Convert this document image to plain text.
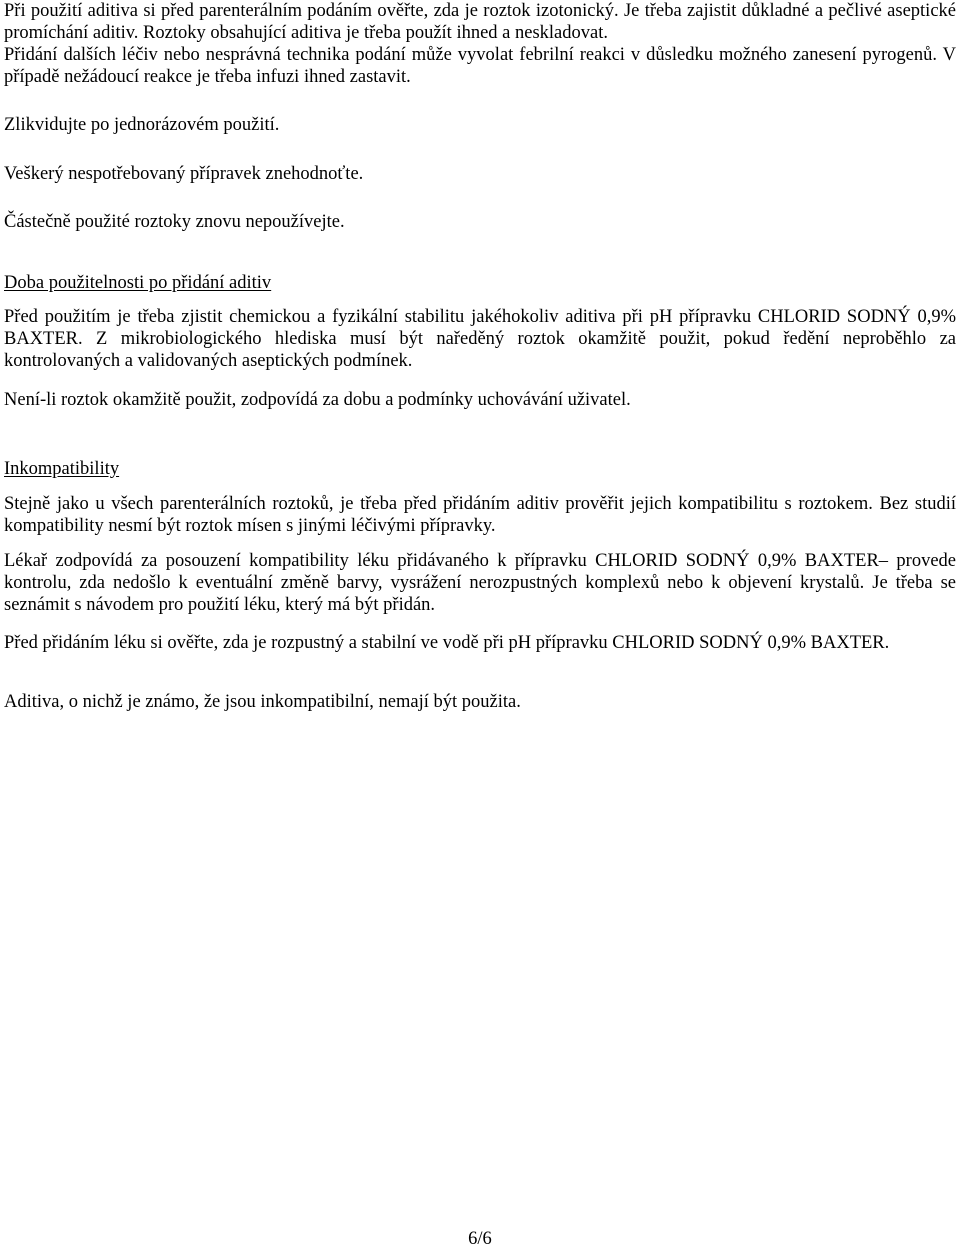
Při použití aditiva si před parenterálním podáním ověřte, zda je roztok izotonický. Je třeba zajistit důkladné a pečlivé aseptické promíchání aditiv. Roztoky obsahující aditiva je třeba použít ihned a neskladovat.

Přidání dalších léčiv nebo nesprávná technika podání může vyvolat febrilní reakci v důsledku možného zanesení pyrogenů. V případě nežádoucí reakce je třeba infuzi ihned zastavit.

Zlikvidujte po jednorázovém použití.

Veškerý nespotřebovaný přípravek znehodnoťte.

Částečně použité roztoky znovu nepoužívejte.

Doba použitelnosti po přidání aditiv

Před použitím je třeba zjistit chemickou a fyzikální stabilitu jakéhokoliv aditiva při pH přípravku CHLORID SODNÝ 0,9% BAXTER. Z mikrobiologického hlediska musí být naředěný roztok okamžitě použit, pokud ředění neproběhlo za kontrolovaných a validovaných aseptických podmínek.

Není-li roztok okamžitě použit, zodpovídá za dobu a podmínky uchovávání uživatel.

Inkompatibility

Stejně jako u všech parenterálních roztoků, je třeba před přidáním aditiv prověřit jejich kompatibilitu s roztokem. Bez studií kompatibility nesmí být roztok mísen s jinými léčivými přípravky.

Lékař zodpovídá za posouzení kompatibility léku přidávaného k přípravku CHLORID SODNÝ 0,9% BAXTER– provede kontrolu, zda nedošlo k eventuální změně barvy, vysrážení nerozpustných komplexů nebo k objevení krystalů. Je třeba se seznámit s návodem pro použití léku, který má být přidán.

Před přidáním léku si ověřte, zda je rozpustný a stabilní ve vodě při pH přípravku CHLORID SODNÝ 0,9% BAXTER.

Aditiva, o nichž je známo, že jsou inkompatibilní, nemají být použita.

6/6
